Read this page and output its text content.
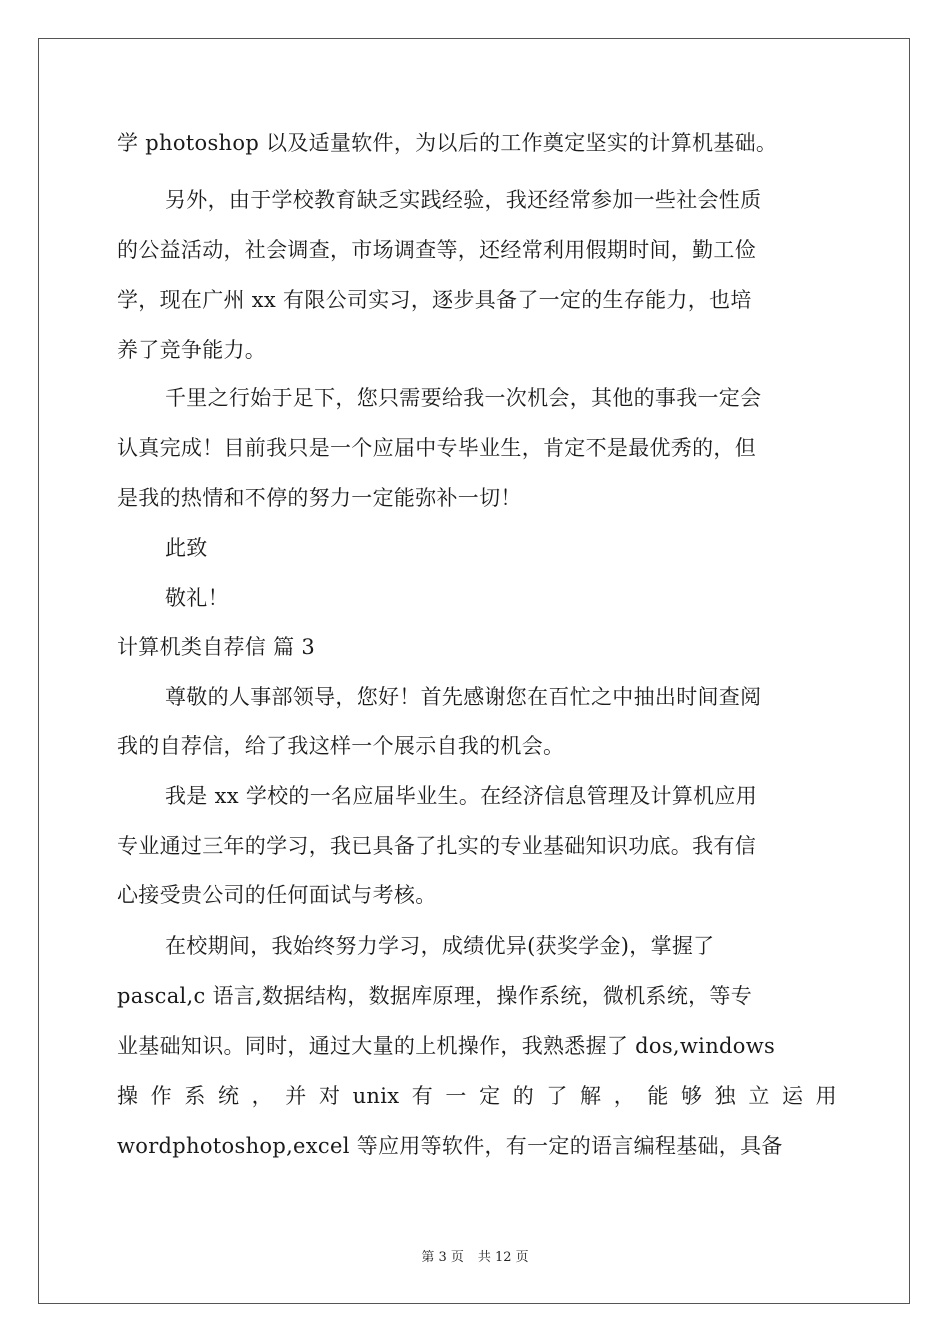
学 photoshop 以及适量软件，为以后的工作奠定坚实的计算机基础。
另外，由于学校教育缺乏实践经验，我还经常参加一些社会性质
的公益活动，社会调查，市场调查等，还经常利用假期时间，勤工俭
学，现在广州 xx 有限公司实习，逐步具备了一定的生存能力，也培
养了竞争能力。
千里之行始于足下，您只需要给我一次机会，其他的事我一定会
认真完成！目前我只是一个应届中专毕业生，肯定不是最优秀的，但
是我的热情和不停的努力一定能弥补一切！
此致
敬礼！
计算机类自荐信 篇 3
尊敬的人事部领导，您好！首先感谢您在百忙之中抽出时间查阅
我的自荐信，给了我这样一个展示自我的机会。
我是 xx 学校的一名应届毕业生。在经济信息管理及计算机应用
专业通过三年的学习，我已具备了扎实的专业基础知识功底。我有信
心接受贵公司的任何面试与考核。
在校期间，我始终努力学习，成绩优异(获奖学金)，掌握了
pascal,c 语言,数据结构，数据库原理，操作系统，微机系统，等专
业基础知识。同时，通过大量的上机操作，我熟悉握了 dos,windows
操 作 系 统 ， 并 对 unix 有 一 定 的 了 解 ， 能 够 独 立 运 用
wordphotoshop,excel 等应用等软件，有一定的语言编程基础，具备
第 3 页 共 12 页
